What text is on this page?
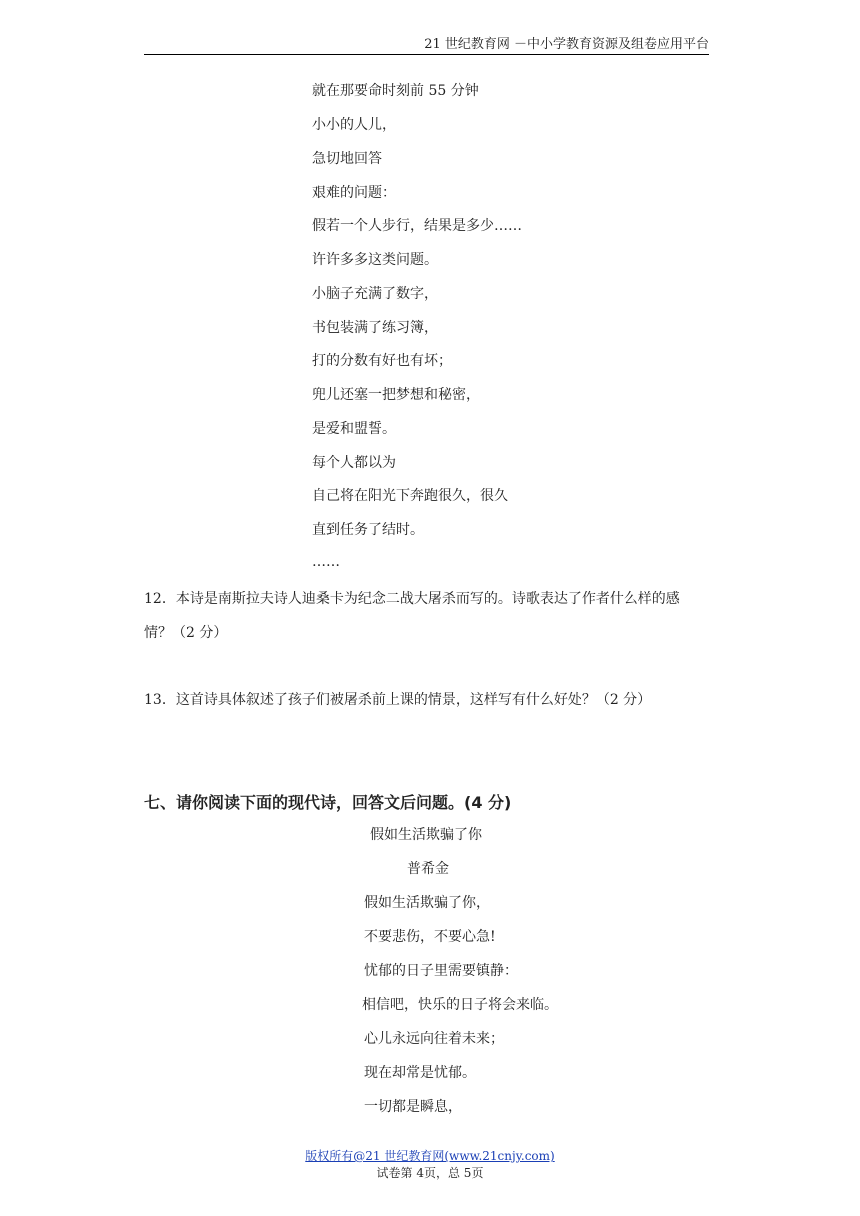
21 世纪教育网 －中小学教育资源及组卷应用平台
就在那要命时刻前 55 分钟
小小的人儿，
急切地回答
艰难的问题：
假若一个人步行，结果是多少……
许许多多这类问题。
小脑子充满了数字，
书包装满了练习簿，
打的分数有好也有坏；
兜儿还塞一把梦想和秘密，
是爱和盟誓。
每个人都以为
自己将在阳光下奔跑很久，很久
直到任务了结时。
……
12．本诗是南斯拉夫诗人迪桑卡为纪念二战大屠杀而写的。诗歌表达了作者什么样的感
情？（2 分）
13．这首诗具体叙述了孩子们被屠杀前上课的情景，这样写有什么好处？（2 分）
七、请你阅读下面的现代诗，回答文后问题。(4 分)
假如生活欺骗了你
普希金
假如生活欺骗了你，
不要悲伤，不要心急!
忧郁的日子里需要镇静：
相信吧，快乐的日子将会来临。
心儿永远向往着未来；
现在却常是忧郁。
一切都是瞬息，
版权所有@21 世纪教育网(www.21cnjy.com)
试卷第 4页，总 5页
